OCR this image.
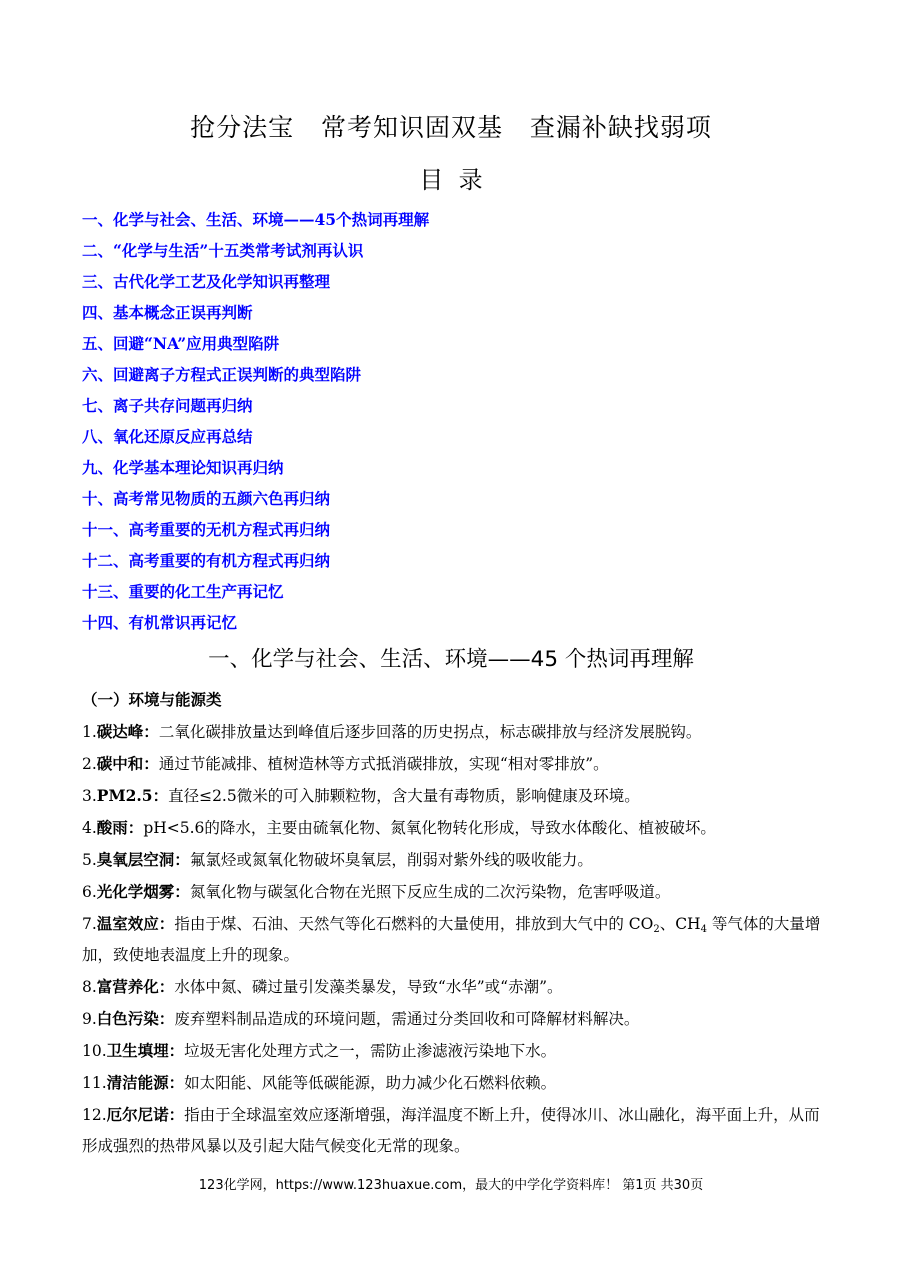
抢分法宝   常考知识固双基   查漏补缺找弱项
目  录
一、化学与社会、生活、环境——45个热词再理解
二、“化学与生活”十五类常考试剂再认识
三、古代化学工艺及化学知识再整理
四、基本概念正误再判断
五、回避“NA”应用典型陷阱
六、回避离子方程式正误判断的典型陷阱
七、离子共存问题再归纳
八、氧化还原反应再总结
九、化学基本理论知识再归纳
十、高考常见物质的五颜六色再归纳
十一、高考重要的无机方程式再归纳
十二、高考重要的有机方程式再归纳
十三、重要的化工生产再记忆
十四、有机常识再记忆
一、化学与社会、生活、环境——45 个热词再理解
（一）环境与能源类
1.碳达峰：二氧化碳排放量达到峰值后逐步回落的历史拐点，标志碳排放与经济发展脱钩。
2.碳中和：通过节能减排、植树造林等方式抵消碳排放，实现“相对零排放”。
3.PM2.5：直径≤2.5微米的可入肺颗粒物，含大量有毒物质，影响健康及环境。
4.酸雨：pH<5.6的降水，主要由硫氧化物、氮氧化物转化形成，导致水体酸化、植被破坏。
5.臭氧层空洞：氟氯烃或氮氧化物破坏臭氧层，削弱对紫外线的吸收能力。
6.光化学烟雾：氮氧化物与碳氢化合物在光照下反应生成的二次污染物，危害呼吸道。
7.温室效应：指由于煤、石油、天然气等化石燃料的大量使用，排放到大气中的 $CO_2$、$CH_4$ 等气体的大量增加，致使地表温度上升的现象。
8.富营养化：水体中氮、磷过量引发藻类暴发，导致“水华”或“赤潮”。
9.白色污染：废弃塑料制品造成的环境问题，需通过分类回收和可降解材料解决。
10.卫生填埋：垃圾无害化处理方式之一，需防止渗滤液污染地下水。
11.清洁能源：如太阳能、风能等低碳能源，助力减少化石燃料依赖。
12.厄尔尼诺：指由于全球温室效应逐渐增强，海洋温度不断上升，使得冰川、冰山融化，海平面上升，从而形成强烈的热带风暴以及引起大陆气候变化无常的现象。
123化学网，https://www.123huaxue.com，最大的中学化学资料库！ 第1页 共30页
